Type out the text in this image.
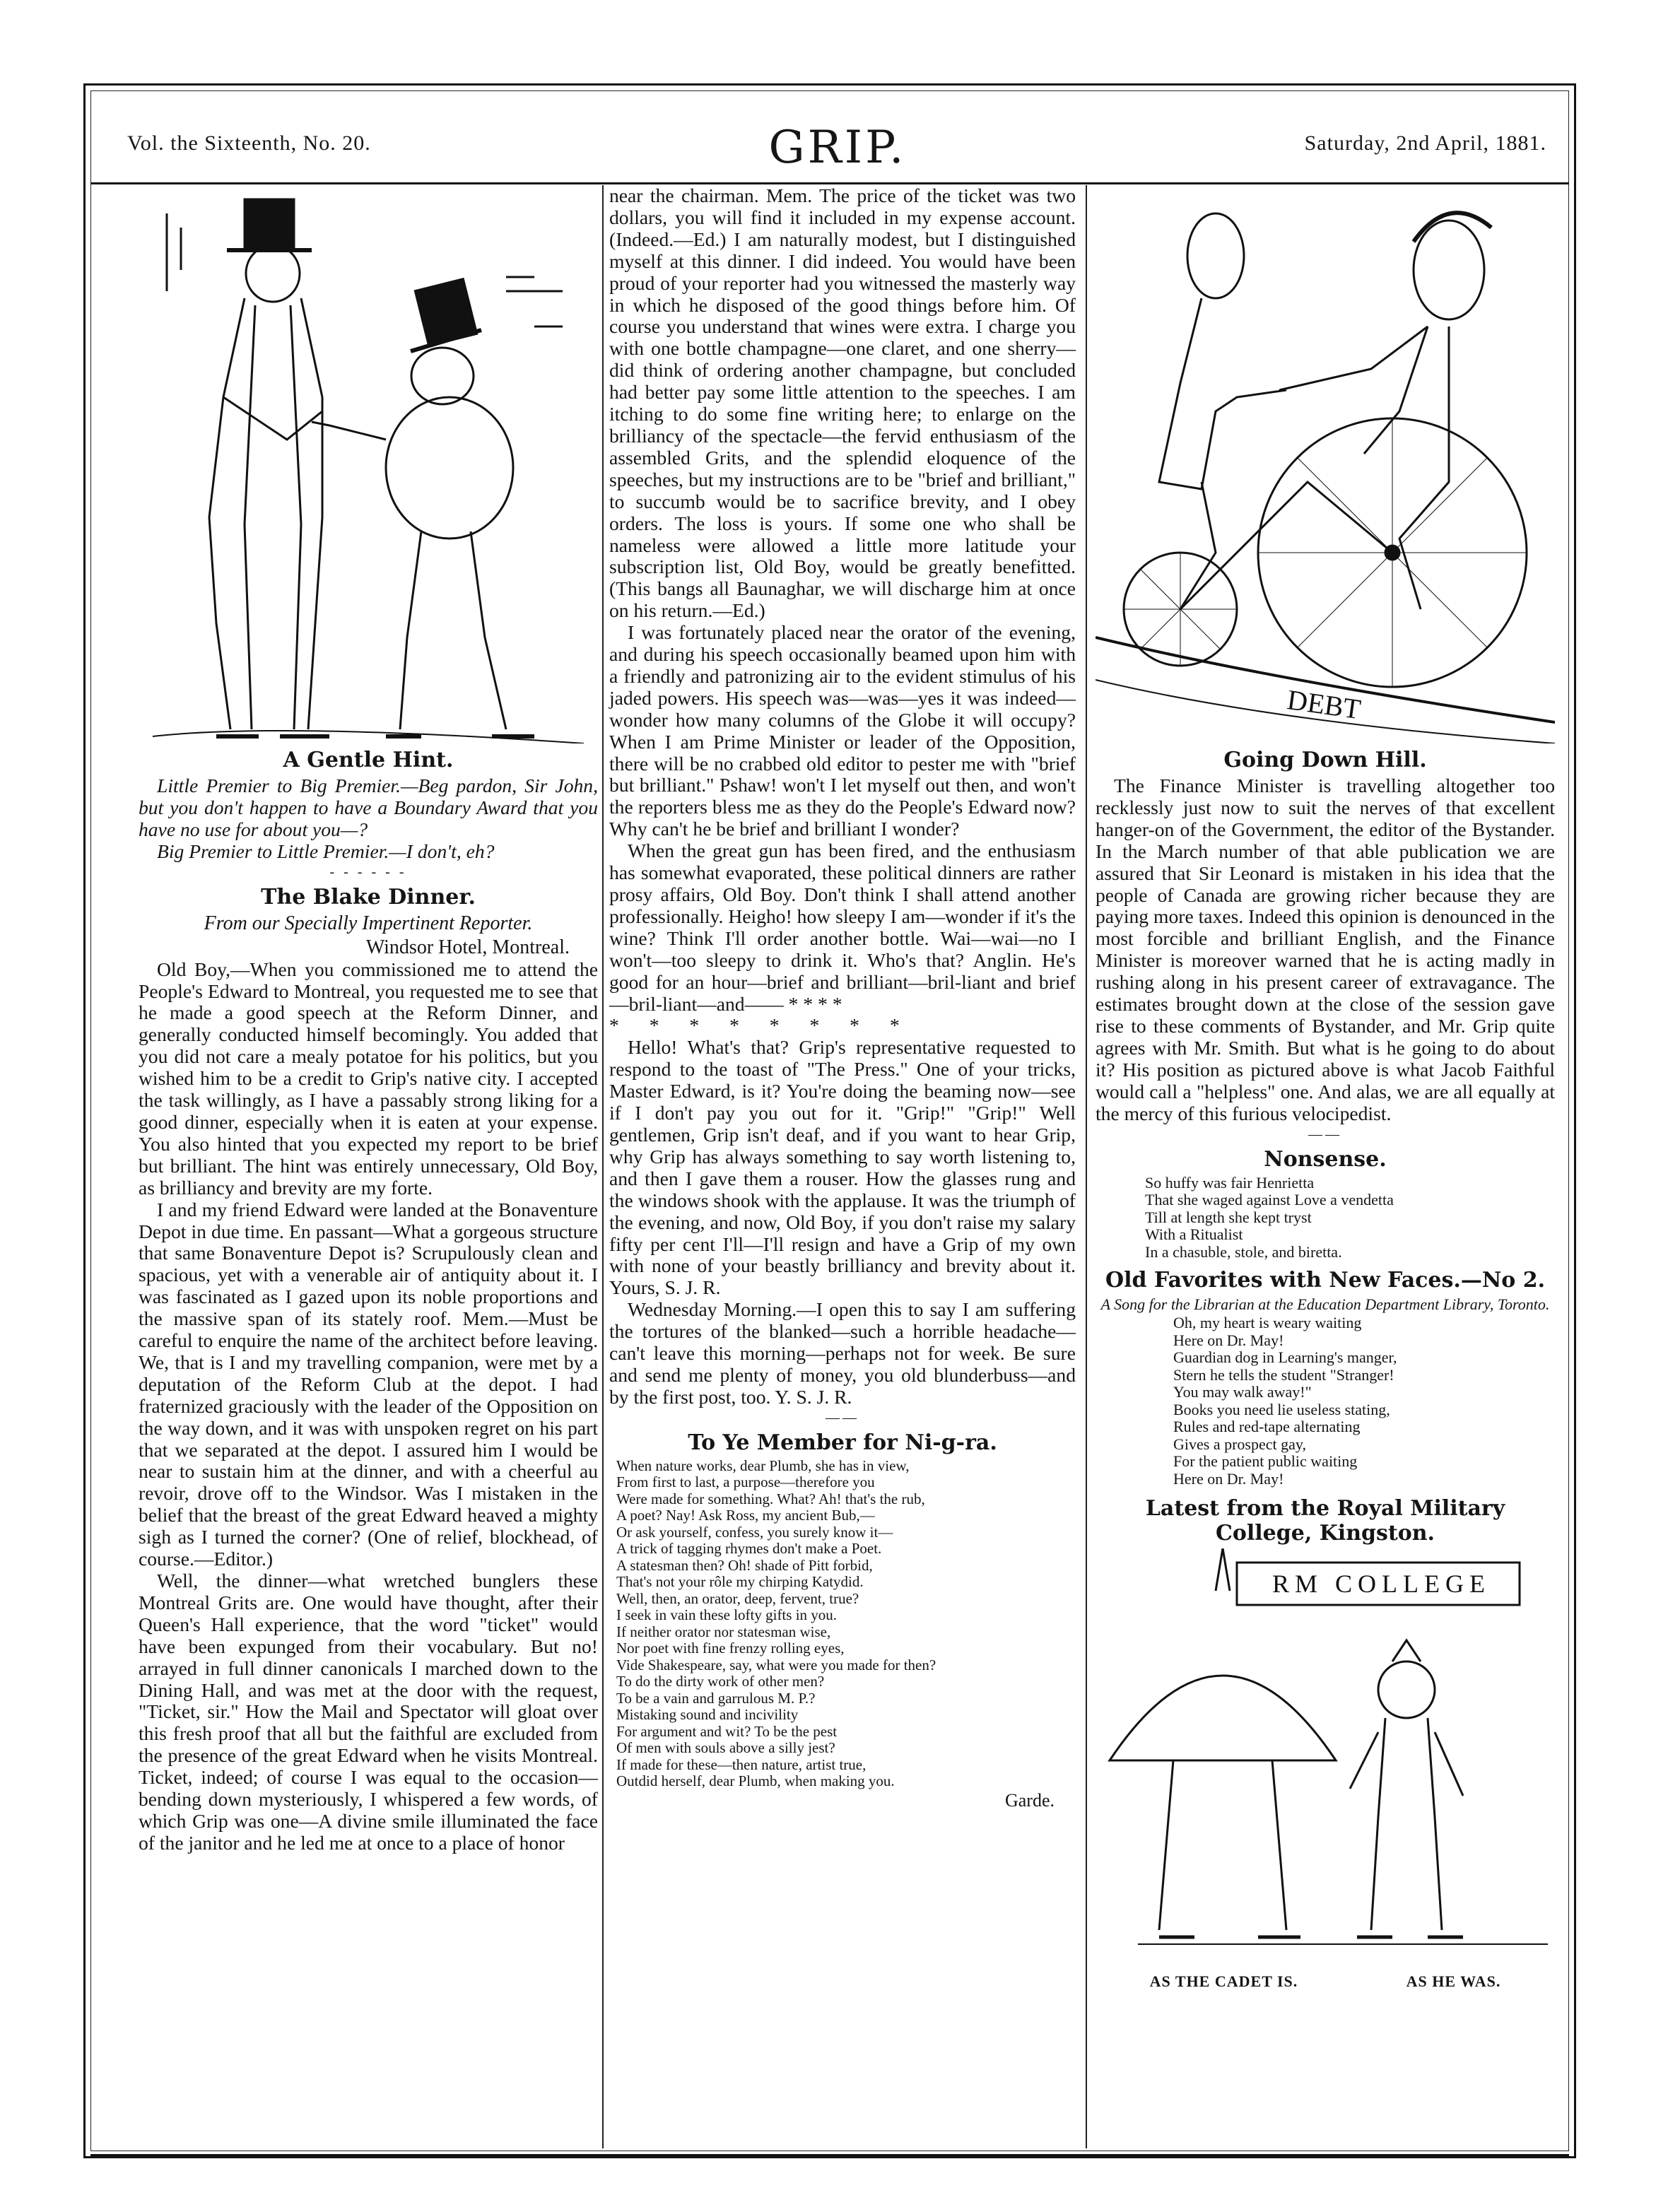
Vol. the Sixteenth, No. 20.	GRIP.	Saturday, 2nd April, 1881.
A Gentle Hint.

Little Premier to Big Premier.—Beg pardon, Sir John, but you don't happen to have a Boundary Award that you have no use for about you—?

Big Premier to Little Premier.—I don't, eh?

- - - - - -
The Blake Dinner.
From our Specially Impertinent Reporter.
Windsor Hotel, Montreal.

Old Boy,—When you commissioned me to attend the People's Edward to Montreal, you requested me to see that he made a good speech at the Reform Dinner, and generally conducted himself becomingly. You added that you did not care a mealy potatoe for his politics, but you wished him to be a credit to Grip's native city. I accepted the task willingly, as I have a passably strong liking for a good dinner, especially when it is eaten at your expense. You also hinted that you expected my report to be brief but brilliant. The hint was entirely unnecessary, Old Boy, as brilliancy and brevity are my forte.

I and my friend Edward were landed at the Bonaventure Depot in due time. En passant—What a gorgeous structure that same Bonaventure Depot is? Scrupulously clean and spacious, yet with a venerable air of antiquity about it. I was fascinated as I gazed upon its noble proportions and the massive span of its stately roof. Mem.—Must be careful to enquire the name of the architect before leaving. We, that is I and my travelling companion, were met by a deputation of the Reform Club at the depot. I had fraternized graciously with the leader of the Opposition on the way down, and it was with unspoken regret on his part that we separated at the depot. I assured him I would be near to sustain him at the dinner, and with a cheerful au revoir, drove off to the Windsor. Was I mistaken in the belief that the breast of the great Edward heaved a mighty sigh as I turned the corner? (One of relief, blockhead, of course.—Editor.)

Well, the dinner—what wretched bunglers these Montreal Grits are. One would have thought, after their Queen's Hall experience, that the word "ticket" would have been expunged from their vocabulary. But no! arrayed in full dinner canonicals I marched down to the Dining Hall, and was met at the door with the request, "Ticket, sir." How the Mail and Spectator will gloat over this fresh proof that all but the faithful are excluded from the presence of the great Edward when he visits Montreal. Ticket, indeed; of course I was equal to the occasion—bending down mysteriously, I whispered a few words, of which Grip was one—A divine smile illuminated the face of the janitor and he led me at once to a place of honor

near the chairman. Mem. The price of the ticket was two dollars, you will find it included in my expense account. (Indeed.—Ed.) I am naturally modest, but I distinguished myself at this dinner. I did indeed. You would have been proud of your reporter had you witnessed the masterly way in which he disposed of the good things before him. Of course you understand that wines were extra. I charge you with one bottle champagne—one claret, and one sherry—did think of ordering another champagne, but concluded had better pay some little attention to the speeches. I am itching to do some fine writing here; to enlarge on the brilliancy of the spectacle—the fervid enthusiasm of the assembled Grits, and the splendid eloquence of the speeches, but my instructions are to be "brief and brilliant," to succumb would be to sacrifice brevity, and I obey orders. The loss is yours. If some one who shall be nameless were allowed a little more latitude your subscription list, Old Boy, would be greatly benefitted. (This bangs all Baunaghar, we will discharge him at once on his return.—Ed.)

I was fortunately placed near the orator of the evening, and during his speech occasionally beamed upon him with a friendly and patronizing air to the evident stimulus of his jaded powers. His speech was—was—yes it was indeed—wonder how many columns of the Globe it will occupy? When I am Prime Minister or leader of the Opposition, there will be no crabbed old editor to pester me with "brief but brilliant." Pshaw! won't I let myself out then, and won't the reporters bless me as they do the People's Edward now? Why can't he be brief and brilliant I wonder?

When the great gun has been fired, and the enthusiasm has somewhat evaporated, these political dinners are rather prosy affairs, Old Boy. Don't think I shall attend another professionally. Heigho! how sleepy I am—wonder if it's the wine? Think I'll order another bottle. Wai—wai—no I won't—too sleepy to drink it. Who's that? Anglin. He's good for an hour—brief and brilliant—bril-liant and brief—bril-liant—and—— * * * *

* * * * * * * *

Hello! What's that? Grip's representative requested to respond to the toast of "The Press." One of your tricks, Master Edward, is it? You're doing the beaming now—see if I don't pay you out for it. "Grip!" "Grip!" Well gentlemen, Grip isn't deaf, and if you want to hear Grip, why Grip has always something to say worth listening to, and then I gave them a rouser. How the glasses rung and the windows shook with the applause. It was the triumph of the evening, and now, Old Boy, if you don't raise my salary fifty per cent I'll—I'll resign and have a Grip of my own with none of your beastly brilliancy and brevity about it. Yours, S. J. R.

Wednesday Morning.—I open this to say I am suffering the tortures of the blanked—such a horrible headache—can't leave this morning—perhaps not for week. Be sure and send me plenty of money, you old blunderbuss—and by the first post, too. Y. S. J. R.

——
To Ye Member for Ni-g-ra.
When nature works, dear Plumb, she has in view,
From first to last, a purpose—therefore you
Were made for something. What? Ah! that's the rub,
A poet? Nay! Ask Ross, my ancient Bub,—
Or ask yourself, confess, you surely know it—
A trick of tagging rhymes don't make a Poet.
A statesman then? Oh! shade of Pitt forbid,
That's not your rôle my chirping Katydid.
Well, then, an orator, deep, fervent, true?
I seek in vain these lofty gifts in you.
If neither orator nor statesman wise,
Nor poet with fine frenzy rolling eyes,
Vide Shakespeare, say, what were you made for then?
To do the dirty work of other men?
To be a vain and garrulous M. P.?
Mistaking sound and incivility
For argument and wit? To be the pest
Of men with souls above a silly jest?
If made for these—then nature, artist true,
Outdid herself, dear Plumb, when making you.
Garde.
DEBT
Going Down Hill.

The Finance Minister is travelling altogether too recklessly just now to suit the nerves of that excellent hanger-on of the Government, the editor of the Bystander. In the March number of that able publication we are assured that Sir Leonard is mistaken in his idea that the people of Canada are growing richer because they are paying more taxes. Indeed this opinion is denounced in the most forcible and brilliant English, and the Finance Minister is moreover warned that he is acting madly in rushing along in his present career of extravagance. The estimates brought down at the close of the session gave rise to these comments of Bystander, and Mr. Grip quite agrees with Mr. Smith. But what is he going to do about it? His position as pictured above is what Jacob Faithful would call a "helpless" one. And alas, we are all equally at the mercy of this furious velocipedist.

——
Nonsense.
So huffy was fair Henrietta
That she waged against Love a vendetta
Till at length she kept tryst
With a Ritualist
In a chasuble, stole, and biretta.
Old Favorites with New Faces.—No 2.
A Song for the Librarian at the Education Department Library, Toronto.
Oh, my heart is weary waiting
Here on Dr. May!
Guardian dog in Learning's manger,
Stern he tells the student "Stranger!
You may walk away!"
Books you need lie useless stating,
Rules and red-tape alternating
Gives a prospect gay,
For the patient public waiting
Here on Dr. May!
Latest from the Royal Military College, Kingston.
RM COLLEGE
AS THE CADET IS.	AS HE WAS.
